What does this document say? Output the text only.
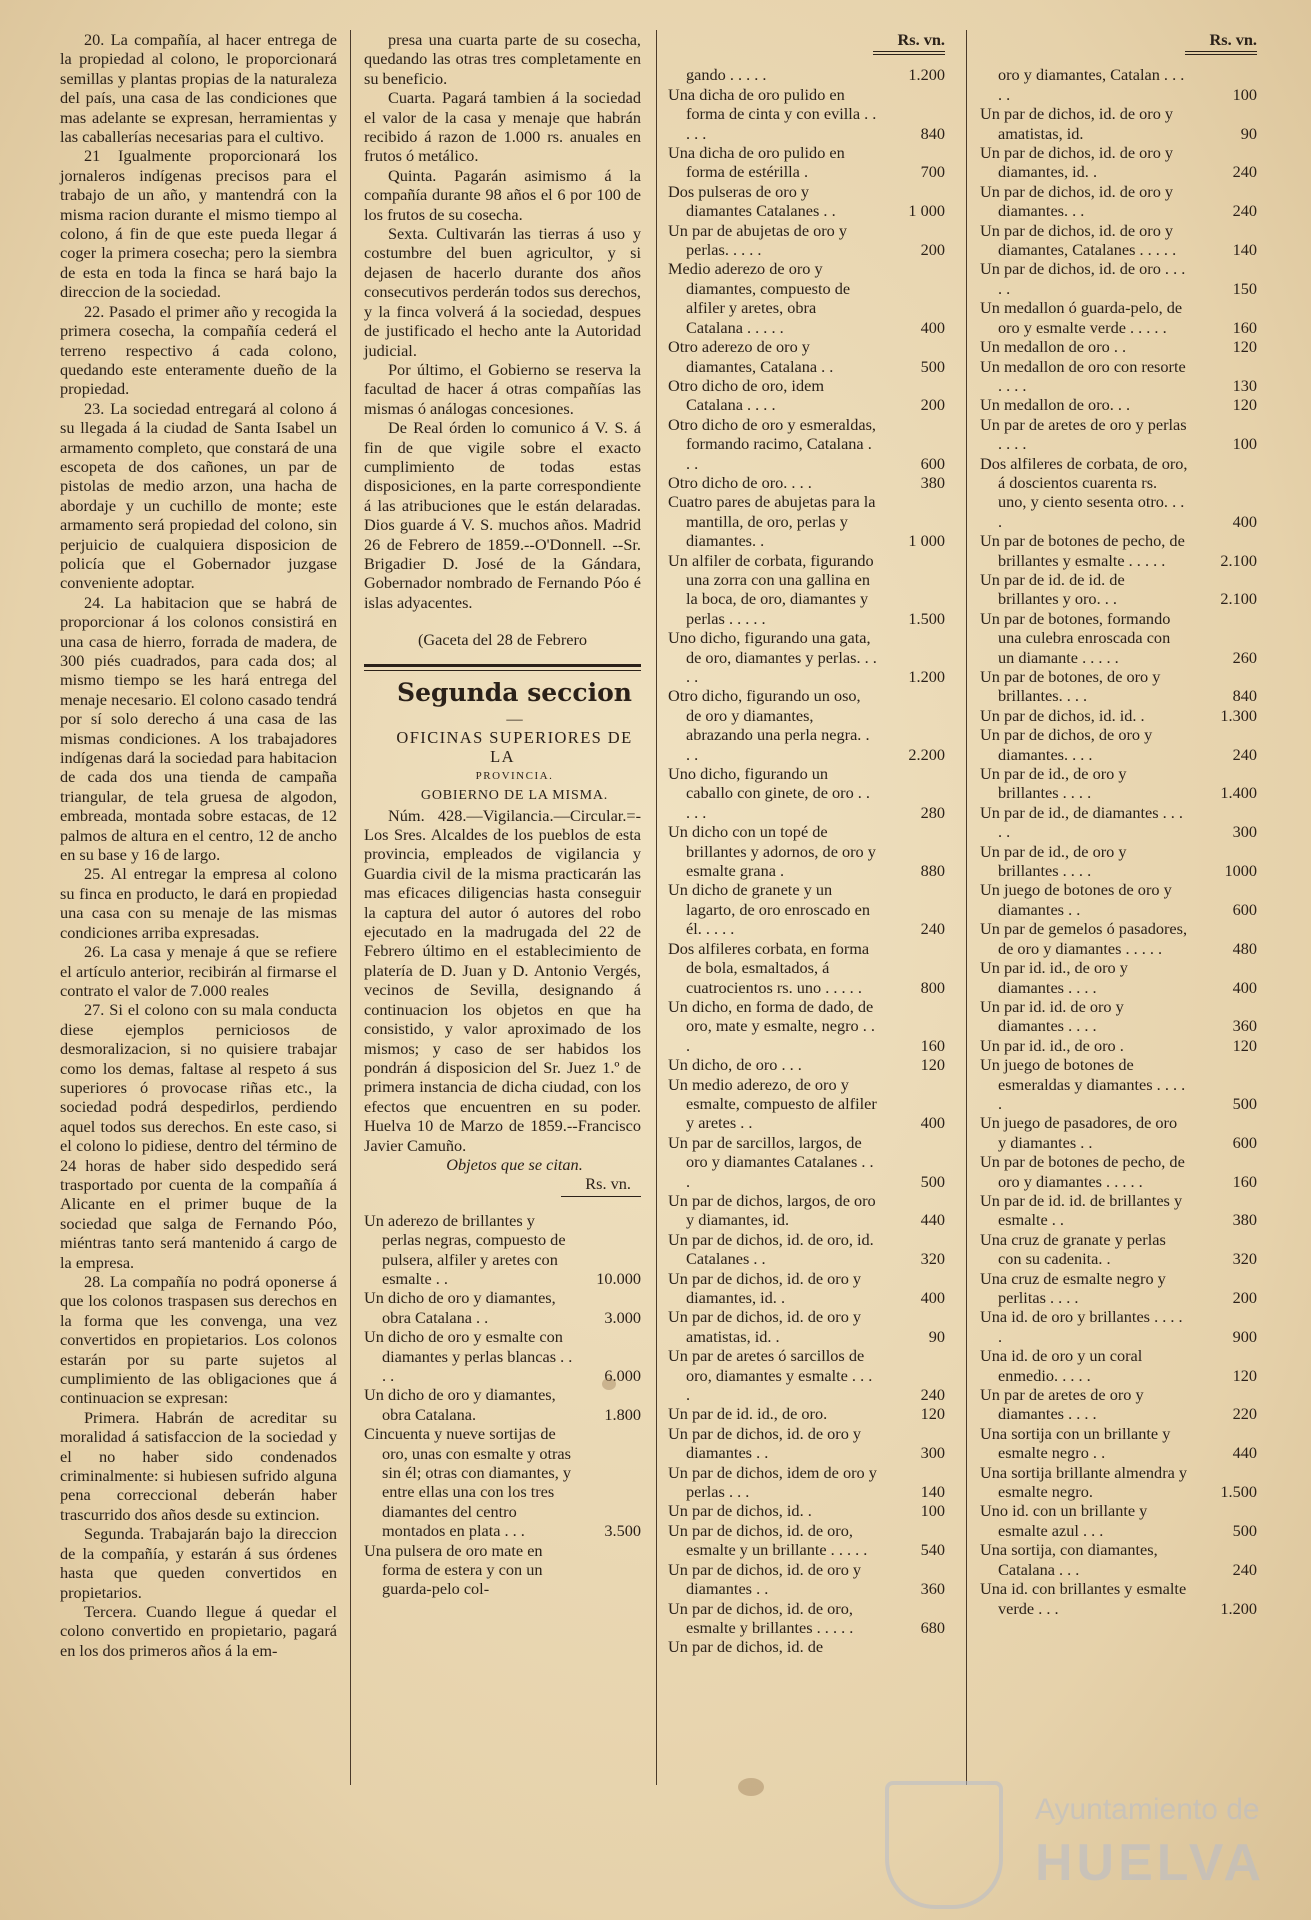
20. La compañía, al hacer entrega de la propiedad al colono, le proporcionará semillas y plantas propias de la naturaleza del país, una casa de las condiciones que mas adelante se expresan, herramientas y las caballerías necesarias para el cultivo.

21 Igualmente proporcionará los jornaleros indígenas precisos para el trabajo de un año, y mantendrá con la misma racion durante el mismo tiempo al colono, á fin de que este pueda llegar á coger la primera cosecha; pero la siembra de esta en toda la finca se hará bajo la direccion de la sociedad.

22. Pasado el primer año y recogida la primera cosecha, la compañía cederá el terreno respectivo á cada colono, quedando este enteramente dueño de la propiedad.

23. La sociedad entregará al colono á su llegada á la ciudad de Santa Isabel un armamento completo, que constará de una escopeta de dos cañones, un par de pistolas de medio arzon, una hacha de abordaje y un cuchillo de monte; este armamento será propiedad del colono, sin perjuicio de cualquiera disposicion de policía que el Gobernador juzgase conveniente adoptar.

24. La habitacion que se habrá de proporcionar á los colonos consistirá en una casa de hierro, forrada de madera, de 300 piés cuadrados, para cada dos; al mismo tiempo se les hará entrega del menaje necesario. El colono casado tendrá por sí solo derecho á una casa de las mismas condiciones. A los trabajadores indígenas dará la sociedad para habitacion de cada dos una tienda de campaña triangular, de tela gruesa de algodon, embreada, montada sobre estacas, de 12 palmos de altura en el centro, 12 de ancho en su base y 16 de largo.

25. Al entregar la empresa al colono su finca en producto, le dará en propiedad una casa con su menaje de las mismas condiciones arriba expresadas.

26. La casa y menaje á que se refiere el artículo anterior, recibirán al firmarse el contrato el valor de 7.000 reales

27. Si el colono con su mala conducta diese ejemplos perniciosos de desmoralizacion, si no quisiere trabajar como los demas, faltase al respeto á sus superiores ó provocase riñas etc., la sociedad podrá despedirlos, perdiendo aquel todos sus derechos. En este caso, si el colono lo pidiese, dentro del término de 24 horas de haber sido despedido será trasportado por cuenta de la compañía á Alicante en el primer buque de la sociedad que salga de Fernando Póo, miéntras tanto será mantenido á cargo de la empresa.

28. La compañía no podrá oponerse á que los colonos traspasen sus derechos en la forma que les convenga, una vez convertidos en propietarios. Los colonos estarán por su parte sujetos al cumplimiento de las obligaciones que á continuacion se expresan:

Primera. Habrán de acreditar su moralidad á satisfaccion de la sociedad y el no haber sido condenados criminalmente: si hubiesen sufrido alguna pena correccional deberán haber trascurrido dos años desde su extincion.

Segunda. Trabajarán bajo la direccion de la compañía, y estarán á sus órdenes hasta que queden convertidos en propietarios.

Tercera. Cuando llegue á quedar el colono convertido en propietario, pagará en los dos primeros años á la em-

presa una cuarta parte de su cosecha, quedando las otras tres completamente en su beneficio.

Cuarta. Pagará tambien á la sociedad el valor de la casa y menaje que habrán recibido á razon de 1.000 rs. anuales en frutos ó metálico.

Quinta. Pagarán asimismo á la compañía durante 98 años el 6 por 100 de los frutos de su cosecha.

Sexta. Cultivarán las tierras á uso y costumbre del buen agricultor, y si dejasen de hacerlo durante dos años consecutivos perderán todos sus derechos, y la finca volverá á la sociedad, despues de justificado el hecho ante la Autoridad judicial.

Por último, el Gobierno se reserva la facultad de hacer á otras compañías las mismas ó análogas concesiones.

De Real órden lo comunico á V. S. á fin de que vigile sobre el exacto cumplimiento de todas estas disposiciones, en la parte correspondiente á las atribuciones que le están delaradas. Dios guarde á V. S. muchos años. Madrid 26 de Febrero de 1859.--O'Donnell. --Sr. Brigadier D. José de la Gándara, Gobernador nombrado de Fernando Póo é islas adyacentes.

(Gaceta del 28 de Febrero

Segunda seccion

—

OFICINAS SUPERIORES DE LA

PROVINCIA.

GOBIERNO DE LA MISMA.

Núm. 428.—Vigilancia.—Circular.=-Los Sres. Alcaldes de los pueblos de esta provincia, empleados de vigilancia y Guardia civil de la misma practicarán las mas eficaces diligencias hasta conseguir la captura del autor ó autores del robo ejecutado en la madrugada del 22 de Febrero último en el establecimiento de platería de D. Juan y D. Antonio Vergés, vecinos de Sevilla, designando á continuacion los objetos en que ha consistido, y valor aproximado de los mismos; y caso de ser habidos los pondrán á disposicion del Sr. Juez 1.º de primera instancia de dicha ciudad, con los efectos que encuentren en su poder. Huelva 10 de Marzo de 1859.--Francisco Javier Camuño.

Objetos que se citan.

Rs. vn.

Un aderezo de brillantes y perlas negras, compuesto de pulsera, alfiler y aretes con esmalte . .	10.000
Un dicho de oro y diamantes, obra Catalana . .	3.000
Un dicho de oro y esmalte con diamantes y perlas blancas . . . .	6.000
Un dicho de oro y diamantes, obra Catalana.	1.800
Cincuenta y nueve sortijas de oro, unas con esmalte y otras sin él; otras con diamantes, y entre ellas una con los tres diamantes del centro montados en plata . . .	3.500
Una pulsera de oro mate en forma de estera y con un guarda-pelo col-

Rs. vn.

gando . . . . .	1.200
Una dicha de oro pulido en forma de cinta y con evilla . . . . .	840
Una dicha de oro pulido en forma de estérilla .	700
Dos pulseras de oro y diamantes Catalanes . .	1 000
Un par de abujetas de oro y perlas. . . . .	200
Medio aderezo de oro y diamantes, compuesto de alfiler y aretes, obra Catalana . . . . .	400
Otro aderezo de oro y diamantes, Catalana . .	500
Otro dicho de oro, idem Catalana . . . .	200
Otro dicho de oro y esmeraldas, formando racimo, Catalana . . .	600
Otro dicho de oro. . . .	380
Cuatro pares de abujetas para la mantilla, de oro, perlas y diamantes. .	1 000
Un alfiler de corbata, figurando una zorra con una gallina en la boca, de oro, diamantes y perlas . . . . .	1.500
Uno dicho, figurando una gata, de oro, diamantes y perlas. . . . .	1.200
Otro dicho, figurando un oso, de oro y diamantes, abrazando una perla negra. . . .	2.200
Uno dicho, figurando un caballo con ginete, de oro . . . . .	280
Un dicho con un topé de brillantes y adornos, de oro y esmalte grana .	880
Un dicho de granete y un lagarto, de oro enroscado en él. . . . .	240
Dos alfileres corbata, en forma de bola, esmaltados, á cuatrocientos rs. uno . . . . .	800
Un dicho, en forma de dado, de oro, mate y esmalte, negro . . .	160
Un dicho, de oro . . .	120
Un medio aderezo, de oro y esmalte, compuesto de alfiler y aretes . .	400
Un par de sarcillos, largos, de oro y diamantes Catalanes . . .	500
Un par de dichos, largos, de oro y diamantes, id.	440
Un par de dichos, id. de oro, id. Catalanes . .	320
Un par de dichos, id. de oro y diamantes, id. .	400
Un par de dichos, id. de oro y amatistas, id. .	90
Un par de aretes ó sarcillos de oro, diamantes y esmalte . . . .	240
Un par de id. id., de oro.	120
Un par de dichos, id. de oro y diamantes . .	300
Un par de dichos, idem de oro y perlas . . .	140
Un par de dichos, id. .	100
Un par de dichos, id. de oro, esmalte y un brillante . . . . .	540
Un par de dichos, id. de oro y diamantes . .	360
Un par de dichos, id. de oro, esmalte y brillantes . . . . .	680
Un par de dichos, id. de

Rs. vn.

oro y diamantes, Catalan . . . . .	100
Un par de dichos, id. de oro y amatistas, id.	90
Un par de dichos, id. de oro y diamantes, id. .	240
Un par de dichos, id. de oro y diamantes. . .	240
Un par de dichos, id. de oro y diamantes, Catalanes . . . . .	140
Un par de dichos, id. de oro . . . . .	150
Un medallon ó guarda-pelo, de oro y esmalte verde . . . . .	160
Un medallon de oro . .	120
Un medallon de oro con resorte . . . .	130
Un medallon de oro. . .	120
Un par de aretes de oro y perlas . . . .	100
Dos alfileres de corbata, de oro, á doscientos cuarenta rs. uno, y ciento sesenta otro. . . .	400
Un par de botones de pecho, de brillantes y esmalte . . . . .	2.100
Un par de id. de id. de brillantes y oro. . .	2.100
Un par de botones, formando una culebra enroscada con un diamante . . . . .	260
Un par de botones, de oro y brillantes. . . .	840
Un par de dichos, id. id. .	1.300
Un par de dichos, de oro y diamantes. . . .	240
Un par de id., de oro y brillantes . . . .	1.400
Un par de id., de diamantes . . . . .	300
Un par de id., de oro y brillantes . . . .	1000
Un juego de botones de oro y diamantes . .	600
Un par de gemelos ó pasadores, de oro y diamantes . . . . .	480
Un par id. id., de oro y diamantes . . . .	400
Un par id. id. de oro y diamantes . . . .	360
Un par id. id., de oro .	120
Un juego de botones de esmeraldas y diamantes . . . . .	500
Un juego de pasadores, de oro y diamantes . .	600
Un par de botones de pecho, de oro y diamantes . . . . .	160
Un par de id. id. de brillantes y esmalte . .	380
Una cruz de granate y perlas con su cadenita. .	320
Una cruz de esmalte negro y perlitas . . . .	200
Una id. de oro y brillantes . . . . .	900
Una id. de oro y un coral enmedio. . . . .	120
Un par de aretes de oro y diamantes . . . .	220
Una sortija con un brillante y esmalte negro . .	440
Una sortija brillante almendra y esmalte negro.	1.500
Uno id. con un brillante y esmalte azul . . .	500
Una sortija, con diamantes, Catalana . . .	240
Una id. con brillantes y esmalte verde . . .	1.200
Ayuntamiento de
HUELVA
